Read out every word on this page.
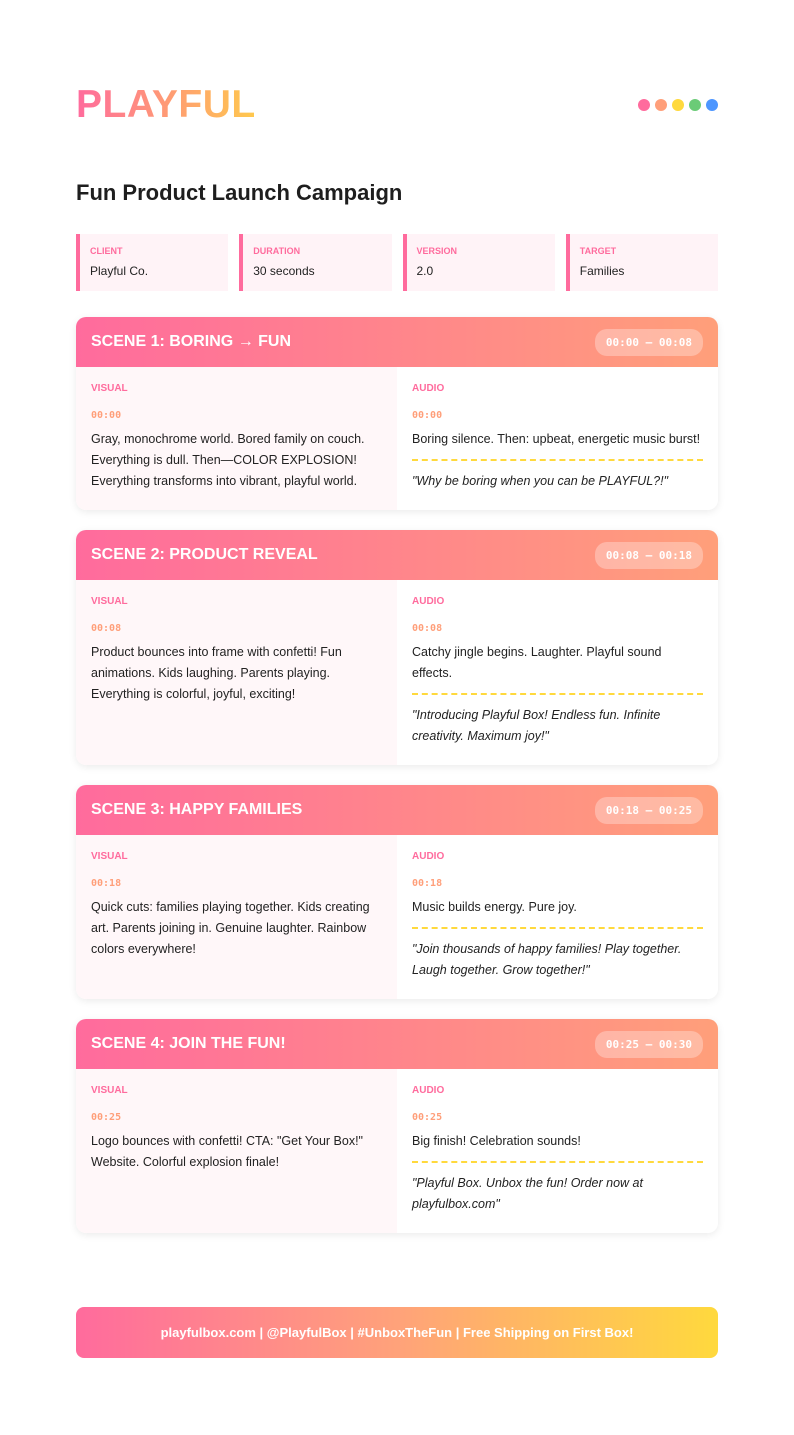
PLAYFUL
Fun Product Launch Campaign
CLIENT
Playful Co.
DURATION
30 seconds
VERSION
2.0
TARGET
Families
SCENE 1: BORING → FUN	00:00 – 00:08
VISUAL
00:00
Gray, monochrome world. Bored family on couch. Everything is dull. Then—COLOR EXPLOSION! Everything transforms into vibrant, playful world.
AUDIO
00:00
Boring silence. Then: upbeat, energetic music burst!
"Why be boring when you can be PLAYFUL?!"
SCENE 2: PRODUCT REVEAL	00:08 – 00:18
VISUAL
00:08
Product bounces into frame with confetti! Fun animations. Kids laughing. Parents playing. Everything is colorful, joyful, exciting!
AUDIO
00:08
Catchy jingle begins. Laughter. Playful sound effects.
"Introducing Playful Box! Endless fun. Infinite creativity. Maximum joy!"
SCENE 3: HAPPY FAMILIES	00:18 – 00:25
VISUAL
00:18
Quick cuts: families playing together. Kids creating art. Parents joining in. Genuine laughter. Rainbow colors everywhere!
AUDIO
00:18
Music builds energy. Pure joy.
"Join thousands of happy families! Play together. Laugh together. Grow together!"
SCENE 4: JOIN THE FUN!	00:25 – 00:30
VISUAL
00:25
Logo bounces with confetti! CTA: "Get Your Box!" Website. Colorful explosion finale!
AUDIO
00:25
Big finish! Celebration sounds!
"Playful Box. Unbox the fun! Order now at playfulbox.com"
playfulbox.com | @PlayfulBox | #UnboxTheFun | Free Shipping on First Box!
